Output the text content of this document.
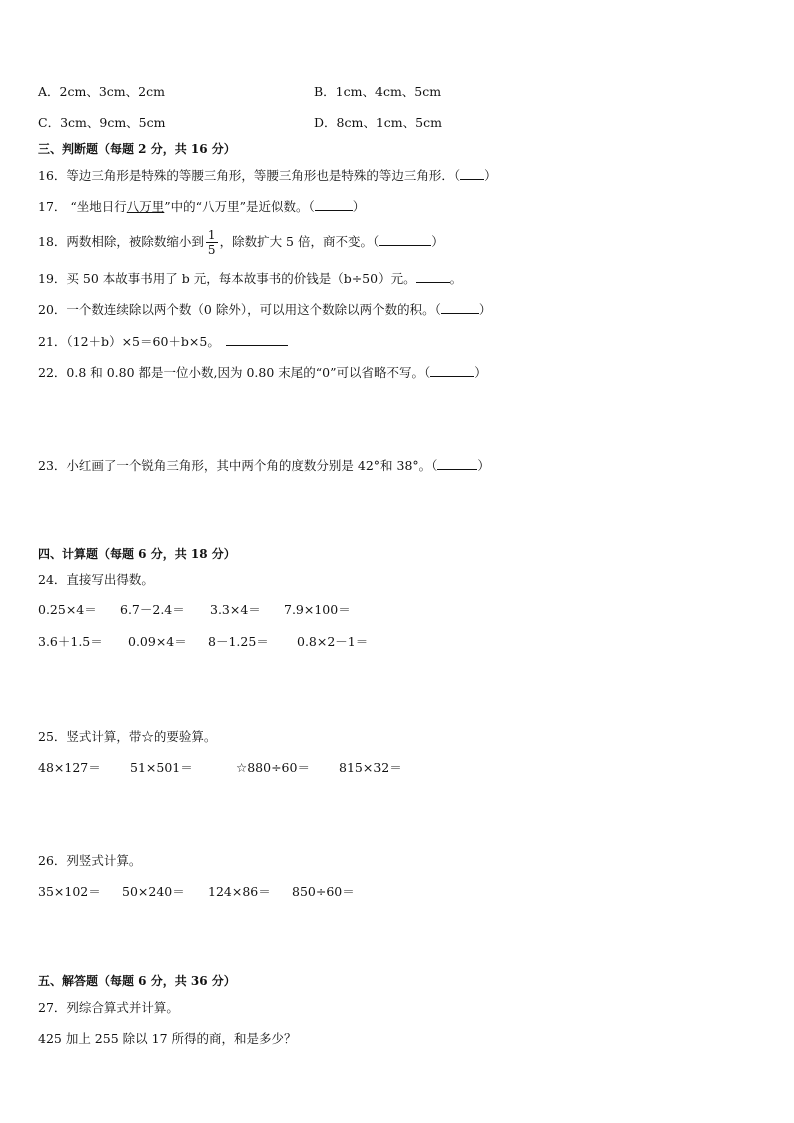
A．2cm、3cm、2cm	B．1cm、4cm、5cm
C．3cm、9cm、5cm	D．8cm、1cm、5cm
三、判断题（每题 2 分，共 16 分）
16．等边三角形是特殊的等腰三角形，等腰三角形也是特殊的等边三角形．（ ）
17． “坐地日行八万里”中的“八万里”是近似数。（	）
18．两数相除，被除数缩小到 $\frac{1}{5}$ ，除数扩大 5 倍，商不变。（	）
19．买 50 本故事书用了 b 元，每本故事书的价钱是（b÷50）元。	。
20．一个数连续除以两个数（0 除外），可以用这个数除以两个数的积。（	）
21．（12＋b）×5＝60＋b×5。
22．0.8 和 0.80 都是一位小数,因为 0.80 末尾的“0”可以省略不写。（	）
23．小红画了一个锐角三角形，其中两个角的度数分别是 42°和 38°。（	）
四、计算题（每题 6 分，共 18 分）
24．直接写出得数。
0.25×4＝ 6.7－2.4＝ 3.3×4＝ 7.9×100＝
3.6＋1.5＝ 0.09×4＝ 8－1.25＝ 0.8×2－1＝
25．竖式计算，带☆的要验算。
48×127＝ 51×501＝	☆880÷60＝ 815×32＝
26．列竖式计算。
35×102＝ 50×240＝ 124×86＝ 850÷60＝
五、解答题（每题 6 分，共 36 分）
27．列综合算式并计算。
425 加上 255 除以 17 所得的商，和是多少？
